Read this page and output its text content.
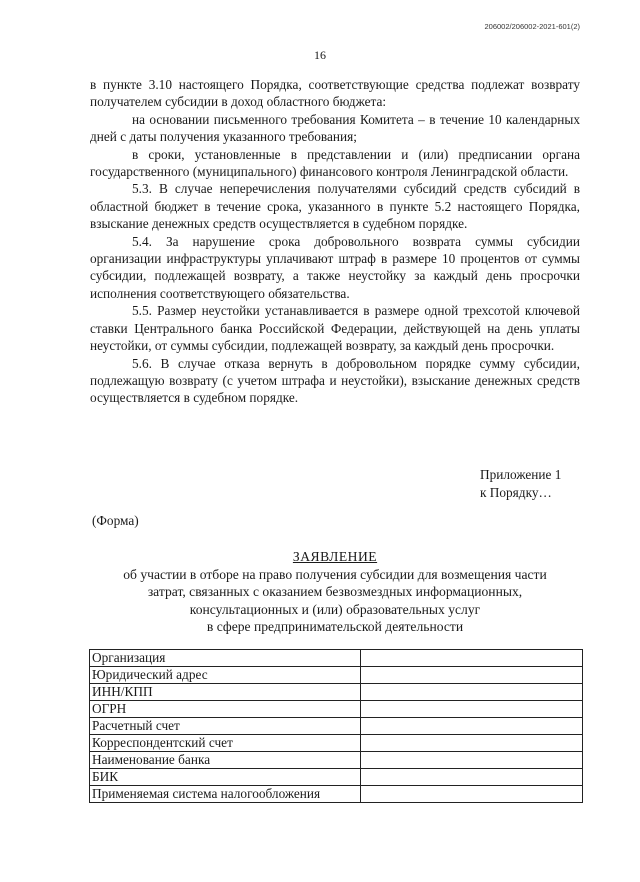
206002/206002-2021-601(2)
16

в пункте 3.10 настоящего Порядка, соответствующие средства подлежат возврату получателем субсидии в доход областного бюджета:

на основании письменного требования Комитета – в течение 10 календарных дней с даты получения указанного требования;

в сроки, установленные в представлении и (или) предписании органа государственного (муниципального) финансового контроля Ленинградской области.

5.3. В случае неперечисления получателями субсидий средств субсидий в областной бюджет в течение срока, указанного в пункте 5.2 настоящего Порядка, взыскание денежных средств осуществляется в судебном порядке.

5.4. За нарушение срока добровольного возврата суммы субсидии организации инфраструктуры уплачивают штраф в размере 10 процентов от суммы субсидии, подлежащей возврату, а также неустойку за каждый день просрочки исполнения соответствующего обязательства.

5.5. Размер неустойки устанавливается в размере одной трехсотой ключевой ставки Центрального банка Российской Федерации, действующей на день уплаты неустойки, от суммы субсидии, подлежащей возврату, за каждый день просрочки.

5.6. В случае отказа вернуть в добровольном порядке сумму субсидии, подлежащую возврату (с учетом штрафа и неустойки), взыскание денежных средств осуществляется в судебном порядке.

Приложение 1
к Порядку…
(Форма)
ЗАЯВЛЕНИЕ
об участии в отборе на право получения субсидии для возмещения части
затрат, связанных с оказанием безвозмездных информационных,
консультационных и (или) образовательных услуг
в сфере предпринимательской деятельности
Организация	
Юридический адрес	
ИНН/КПП	
ОГРН	
Расчетный счет	
Корреспондентский счет	
Наименование банка	
БИК	
Применяемая система налогообложения	
